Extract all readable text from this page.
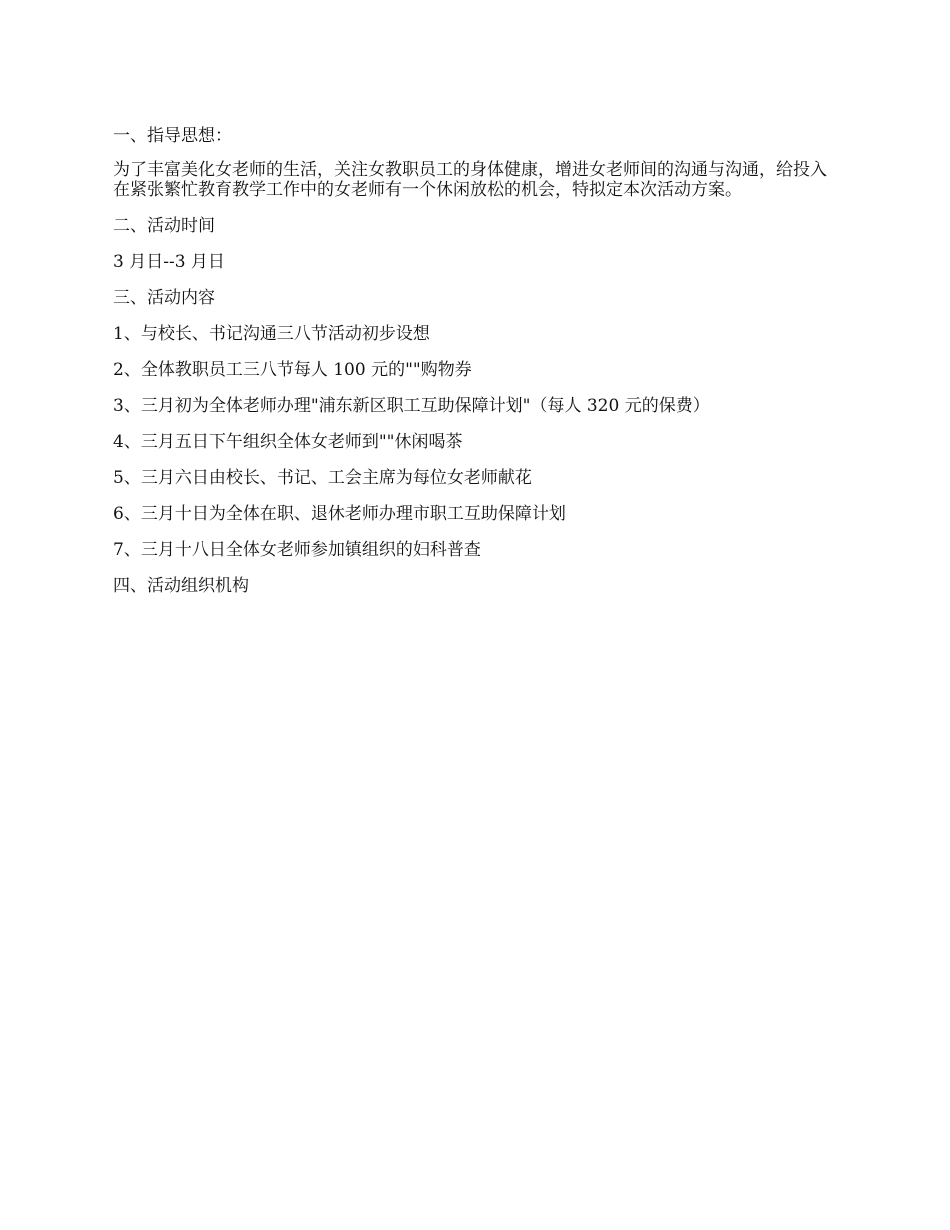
一、指导思想：

为了丰富美化女老师的生活，关注女教职员工的身体健康，增进女老师间的沟通与沟通，给投入在紧张繁忙教育教学工作中的女老师有一个休闲放松的机会，特拟定本次活动方案。

二、活动时间

3 月日--3 月日

三、活动内容

1、与校长、书记沟通三八节活动初步设想

2、全体教职员工三八节每人 100 元的""购物券

3、三月初为全体老师办理"浦东新区职工互助保障计划"（每人 320 元的保费）

4、三月五日下午组织全体女老师到""休闲喝茶

5、三月六日由校长、书记、工会主席为每位女老师献花

6、三月十日为全体在职、退休老师办理市职工互助保障计划

7、三月十八日全体女老师参加镇组织的妇科普查

四、活动组织机构
